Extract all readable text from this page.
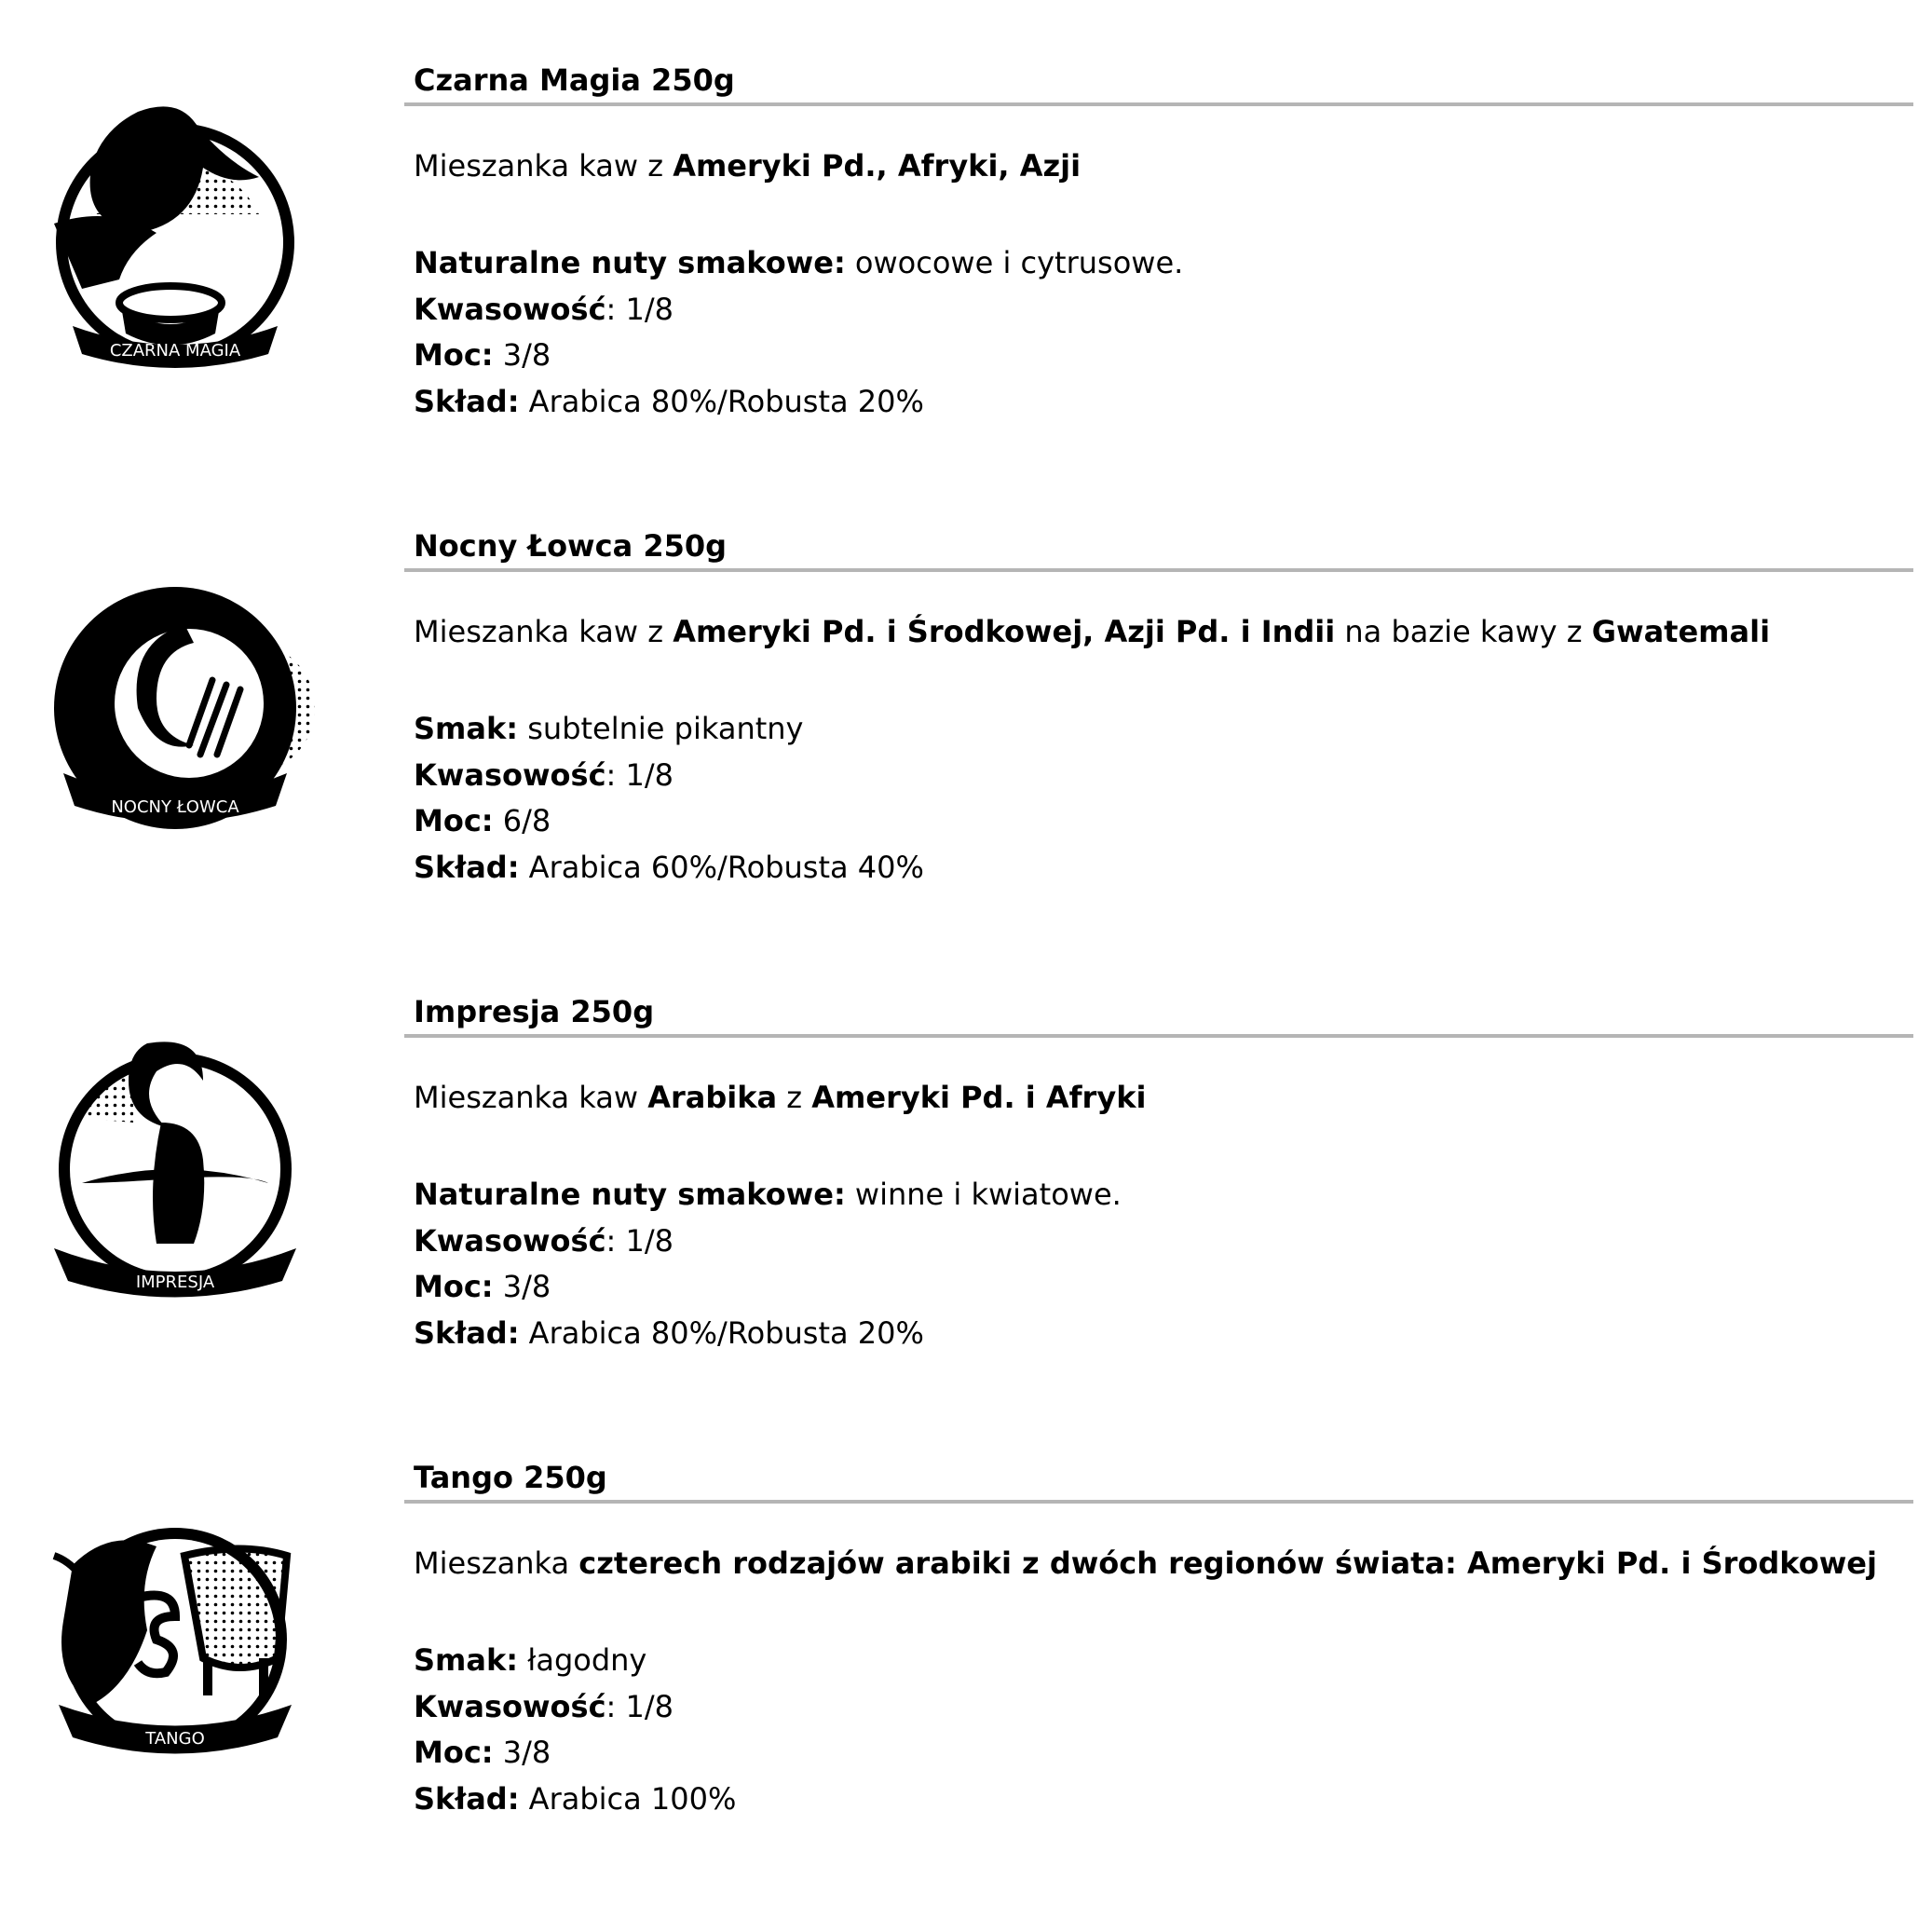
CZARNA MAGIA
Czarna Magia 250g
Mieszanka kaw z Ameryki Pd., Afryki, Azji
Naturalne nuty smakowe: owocowe i cytrusowe.
Kwasowość: 1/8
Moc: 3/8
Skład: Arabica 80%/Robusta 20%
NOCNY ŁOWCA
Nocny Łowca 250g
Mieszanka kaw z Ameryki Pd. i Środkowej, Azji Pd. i Indii na bazie kawy z Gwatemali
Smak: subtelnie pikantny
Kwasowość: 1/8
Moc: 6/8
Skład: Arabica 60%/Robusta 40%
IMPRESJA
Impresja 250g
Mieszanka kaw Arabika z Ameryki Pd. i Afryki
Naturalne nuty smakowe: winne i kwiatowe.
Kwasowość: 1/8
Moc: 3/8
Skład: Arabica 80%/Robusta 20%
TANGO
Tango 250g
Mieszanka czterech rodzajów arabiki z dwóch regionów świata: Ameryki Pd. i Środkowej
Smak: łagodny
Kwasowość: 1/8
Moc: 3/8
Skład: Arabica 100%
